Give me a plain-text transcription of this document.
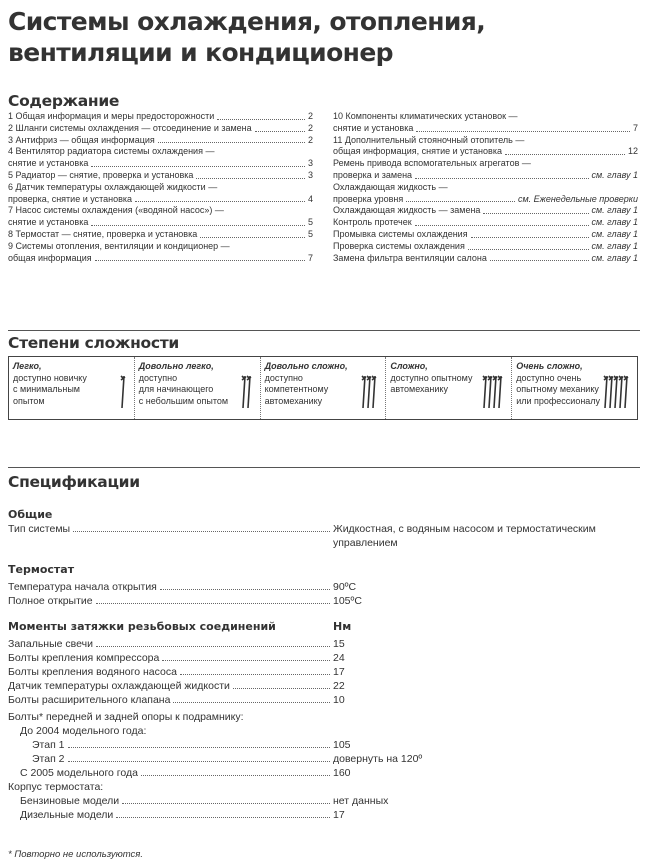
Системы охлаждения, отопления,
вентиляции и кондиционер
Содержание
1 Общая информация и меры предосторожности	2
2 Шланги системы охлаждения — отсоединение и замена	2
3 Антифриз — общая информация	2
4 Вентилятор радиатора системы охлаждения —
снятие и установка	3
5 Радиатор — снятие, проверка и установка	3
6 Датчик температуры охлаждающей жидкости —
проверка, снятие и установка	4
7 Насос системы охлаждения («водяной насос») —
снятие и установка	5
8 Термостат — снятие, проверка и установка	5
9 Системы отопления, вентиляции и кондиционер —
общая информация	7
10 Компоненты климатических установок —
снятие и установка	7
11 Дополнительный стояночный отопитель —
общая информация, снятие и установка	12
Ремень привода вспомогательных агрегатов —
проверка и замена	см. главу 1
Охлаждающая жидкость —
проверка уровня	см. Еженедельные проверки
Охлаждающая жидкость — замена	см. главу 1
Контроль протечек	см. главу 1
Промывка системы охлаждения	см. главу 1
Проверка системы охлаждения	см. главу 1
Замена фильтра вентиляции салона	см. главу 1
Степени сложности
Легко,
доступно новичку
с минимальным
опытом
Довольно легко,
доступно
для начинающего
с небольшим опытом
Довольно сложно,
доступно
компетентному
автомеханику
Сложно,
доступно опытному
автомеханику
Очень сложно,
доступно очень
опытному механику
или профессионалу
Спецификации
Общие
Тип системы	Жидкостная, с водяным насосом и термостатическим
управлением
Термостат
Температура начала открытия	90ºC
Полное открытие	105ºC
Моменты затяжки резьбовых соединений	Нм
Запальные свечи	15
Болты крепления компрессора	24
Болты крепления водяного насоса	17
Датчик температуры охлаждающей жидкости	22
Болты расширительного клапана	10
Болты* передней и задней опоры к подрамнику:
До 2004 модельного года:
Этап 1	105
Этап 2	довернуть на 120º
С 2005 модельного года	160
Корпус термостата:
Бензиновые модели	нет данных
Дизельные модели	17
* Повторно не используются.
